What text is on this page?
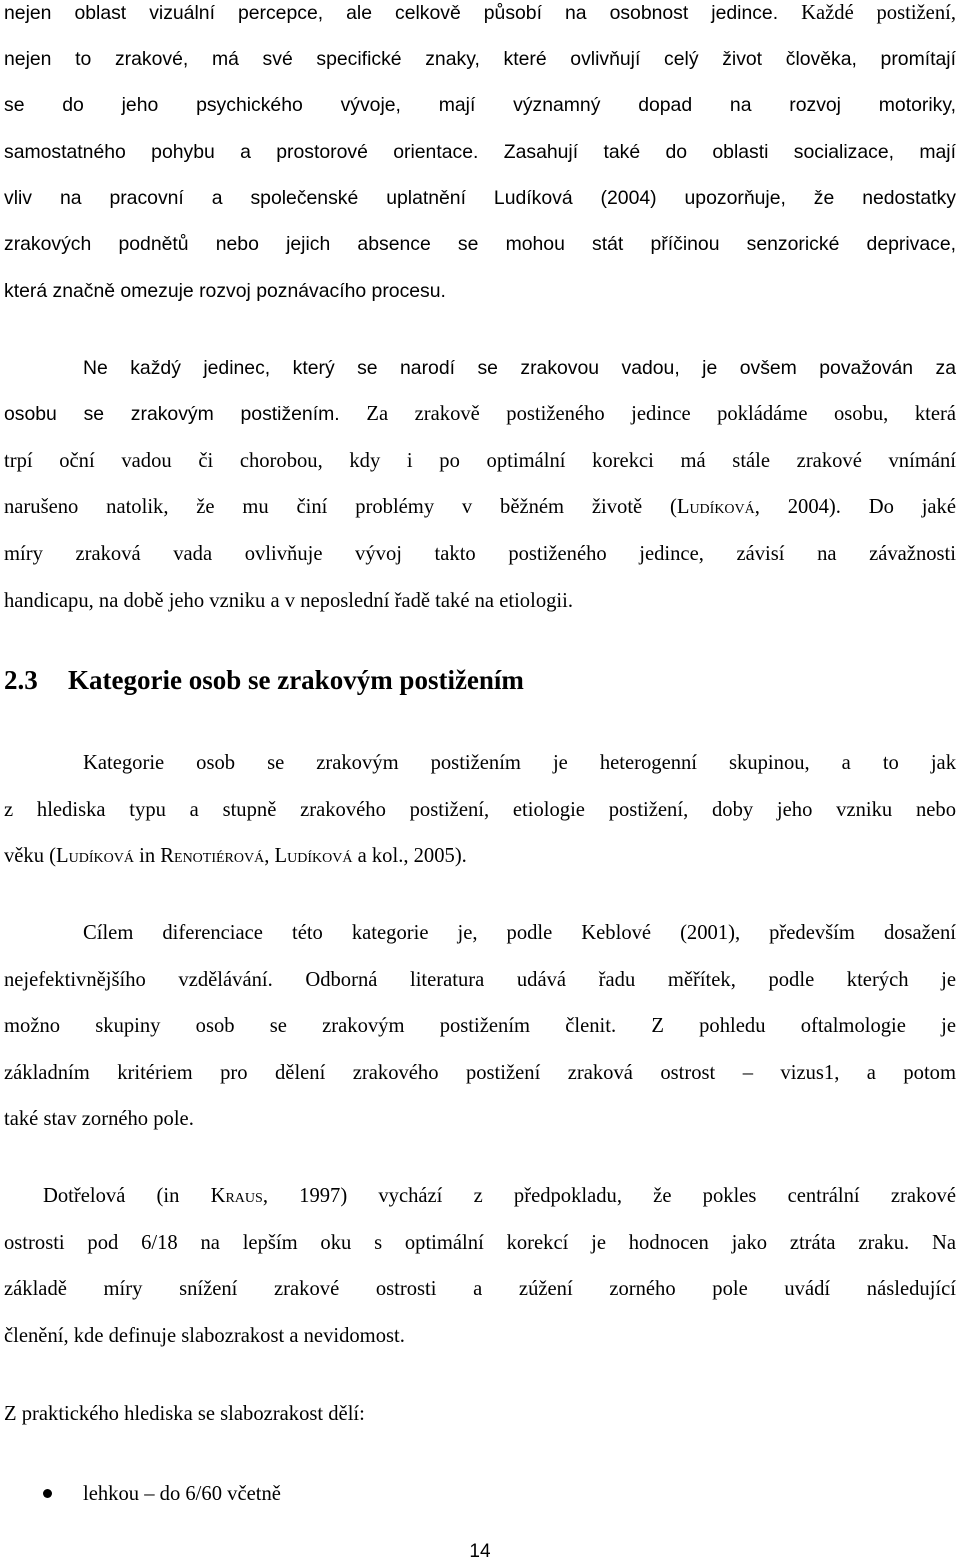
nejen oblast vizuální percepce, ale celkově působí na osobnost jedince. Každé postižení,
nejen to zrakové, má své specifické znaky, které ovlivňují celý život člověka, promítají
se do jeho psychického vývoje, mají významný dopad na rozvoj motoriky,
samostatného pohybu a prostorové orientace. Zasahují také do oblasti socializace, mají
vliv na pracovní a společenské uplatnění Ludíková (2004) upozorňuje, že nedostatky
zrakových podnětů nebo jejich absence se mohou stát příčinou senzorické deprivace,
která značně omezuje rozvoj poznávacího procesu.
Ne každý jedinec, který se narodí se zrakovou vadou, je ovšem považován za
osobu se zrakovým postižením. Za zrakově postiženého jedince pokládáme osobu, která
trpí oční vadou či chorobou, kdy i po optimální korekci má stále zrakové vnímání
narušeno natolik, že mu činí problémy v běžném životě (Ludíková, 2004). Do jaké
míry zraková vada ovlivňuje vývoj takto postiženého jedince, závisí na závažnosti
handicapu, na době jeho vzniku a v neposlední řadě také na etiologii.
2.3 Kategorie osob se zrakovým postižením
Kategorie osob se zrakovým postižením je heterogenní skupinou, a to jak
z hlediska typu a stupně zrakového postižení, etiologie postižení, doby jeho vzniku nebo
věku (Ludíková in Renotiérová, Ludíková a kol., 2005).
Cílem diferenciace této kategorie je, podle Keblové (2001), především dosažení
nejefektivnějšího vzdělávání. Odborná literatura udává řadu měřítek, podle kterých je
možno skupiny osob se zrakovým postižením členit. Z pohledu oftalmologie je
základním kritériem pro dělení zrakového postižení zraková ostrost – vizus1, a potom
také stav zorného pole.
Dotřelová (in Kraus, 1997) vychází z předpokladu, že pokles centrální zrakové
ostrosti pod 6/18 na lepším oku s optimální korekcí je hodnocen jako ztráta zraku. Na
základě míry snížení zrakové ostrosti a zúžení zorného pole uvádí následující
členění, kde definuje slabozrakost a nevidomost.
Z praktického hlediska se slabozrakost dělí:
lehkou – do 6/60 včetně
14
